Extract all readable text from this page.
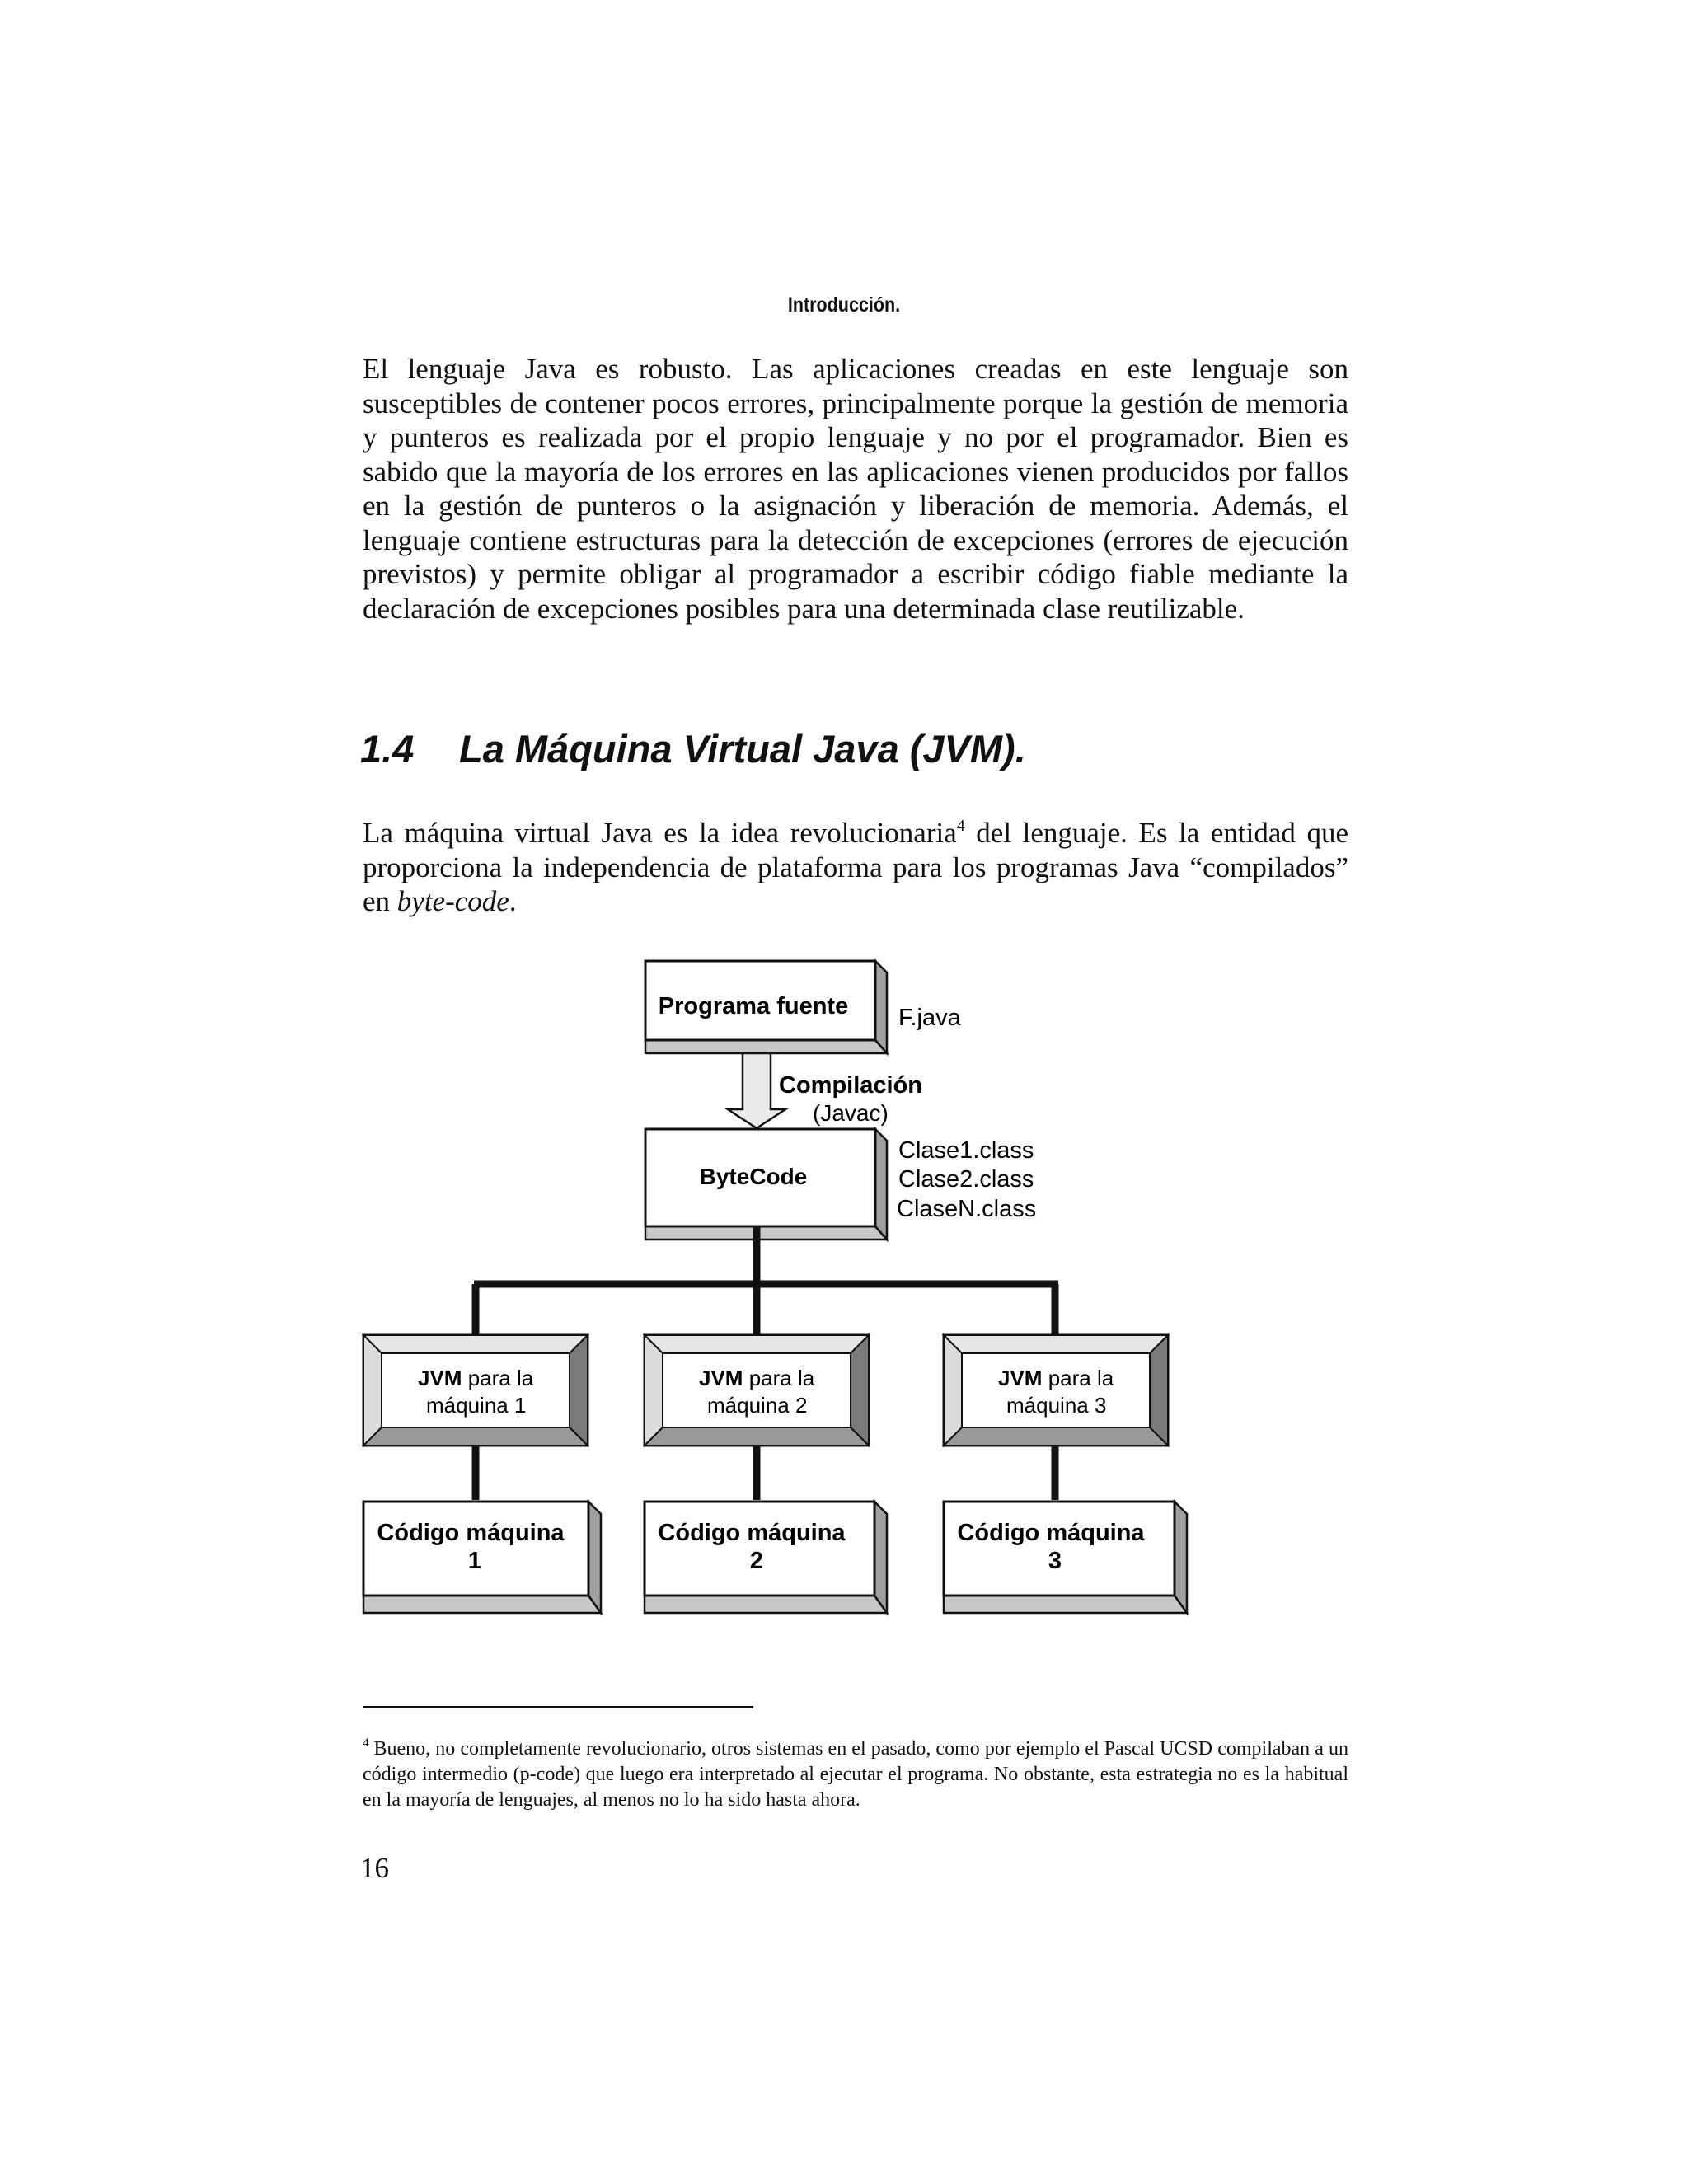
Introducción.

El lenguaje Java es robusto. Las aplicaciones creadas en este lenguaje son susceptibles de contener pocos errores, principalmente porque la gestión de memoria y punteros es realizada por el propio lenguaje y no por el programador. Bien es sabido que la mayoría de los errores en las aplicaciones vienen producidos por fallos en la gestión de punteros o la asignación y liberación de memoria. Además, el lenguaje contiene estructuras para la detección de excepciones (errores de ejecución previstos) y permite obligar al programador a escribir código fiable mediante la declaración de excepciones posibles para una determinada clase reutilizable.

1.4 La Máquina Virtual Java (JVM).

La máquina virtual Java es la idea revolucionaria$^4$ del lenguaje. Es la entidad que proporciona la independencia de plataforma para los programas Java “compilados” en byte-code.

Programa fuente F.java
Compilación
(Javac)
ByteCode
Clase1.class
Clase2.class
ClaseN.class
JVM para la
máquina 1
JVM para la
máquina 2
JVM para la
máquina 3
Código máquina
1
Código máquina
2
Código máquina
3

$^4$ Bueno, no completamente revolucionario, otros sistemas en el pasado, como por ejemplo el Pascal UCSD compilaban a un código intermedio (p-code) que luego era interpretado al ejecutar el programa. No obstante, esta estrategia no es la habitual en la mayoría de lenguajes, al menos no lo ha sido hasta ahora.

16
